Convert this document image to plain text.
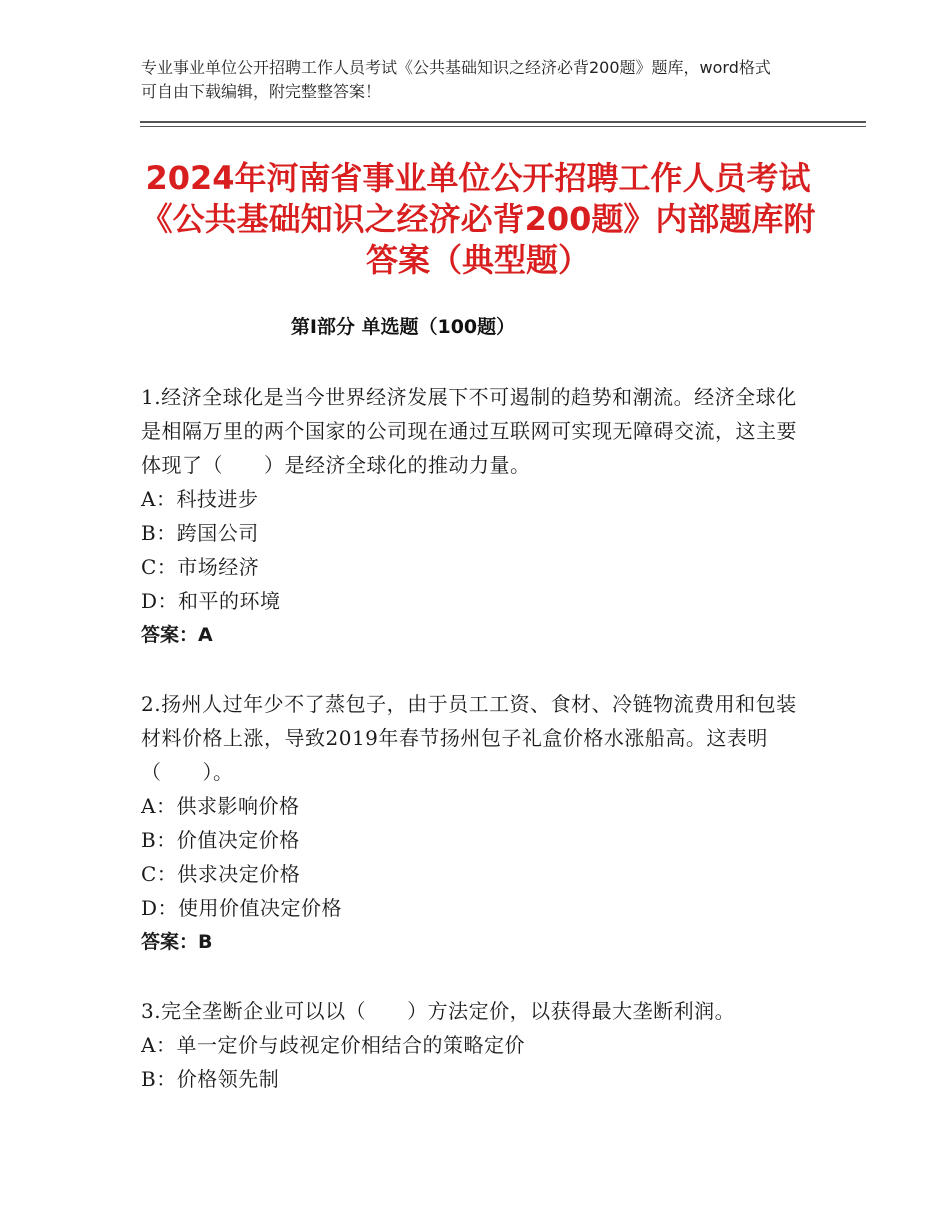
专业事业单位公开招聘工作人员考试《公共基础知识之经济必背200题》题库，word格式可自由下载编辑，附完整整答案！
2024年河南省事业单位公开招聘工作人员考试《公共基础知识之经济必背200题》内部题库附答案（典型题）
第Ⅰ部分 单选题（100题）

1.经济全球化是当今世界经济发展下不可遏制的趋势和潮流。经济全球化是相隔万里的两个国家的公司现在通过互联网可实现无障碍交流，这主要体现了（　　）是经济全球化的推动力量。

A：科技进步

B：跨国公司

C：市场经济

D：和平的环境

答案：A

2.扬州人过年少不了蒸包子，由于员工工资、食材、冷链物流费用和包装材料价格上涨，导致2019年春节扬州包子礼盒价格水涨船高。这表明（　　）。

A：供求影响价格

B：价值决定价格

C：供求决定价格

D：使用价值决定价格

答案：B

3.完全垄断企业可以以（　　）方法定价，以获得最大垄断利润。

A：单一定价与歧视定价相结合的策略定价

B：价格领先制
